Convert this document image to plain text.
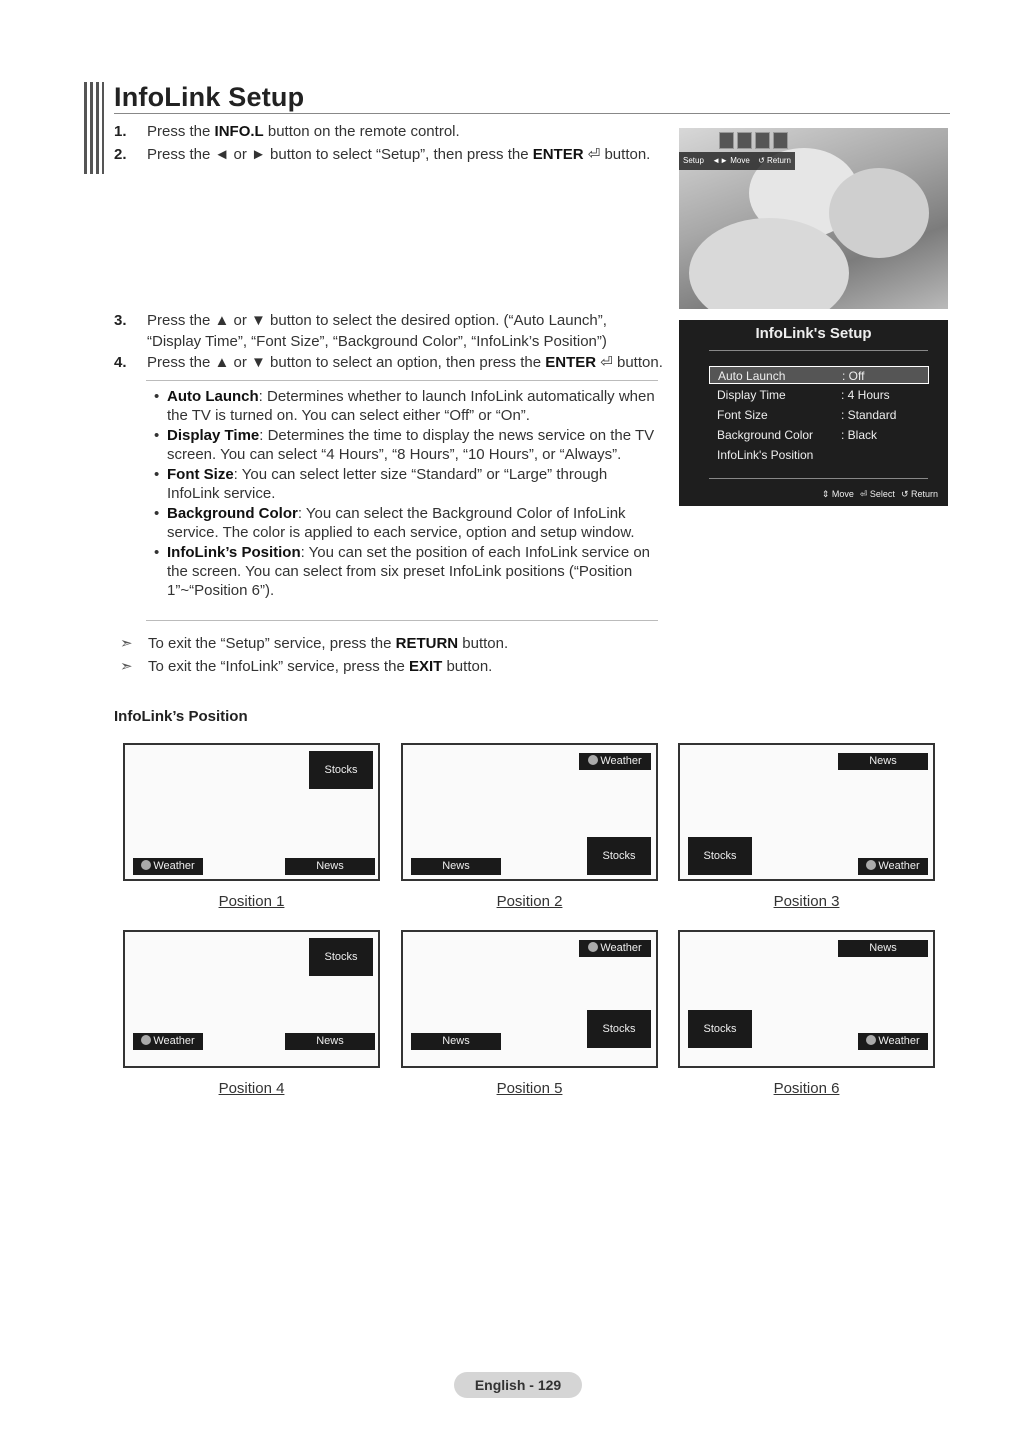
InfoLink Setup
1.	Press the INFO.L button on the remote control.
2.	Press the ◄ or ► button to select “Setup”, then press the ENTER ⏎ button.
3.	Press the ▲ or ▼ button to select the desired option. (“Auto Launch”,
“Display Time”, “Font Size”, “Background Color”, “InfoLink’s Position”)
4.	Press the ▲ or ▼ button to select an option, then press the ENTER ⏎ button.
• Auto Launch: Determines whether to launch InfoLink automatically when the TV is turned on. You can select either “Off” or “On”.
• Display Time: Determines the time to display the news service on the TV screen. You can select “4 Hours”, “8 Hours”, “10 Hours”, or “Always”.
• Font Size: You can select letter size “Standard” or “Large” through InfoLink service.
• Background Color: You can select the Background Color of InfoLink service. The color is applied to each service, option and setup window.
• InfoLink’s Position: You can set the position of each InfoLink service on the screen. You can select from six preset InfoLink positions (“Position 1”~“Position 6”).
➣ To exit the “Setup” service, press the RETURN button.
➣ To exit the “InfoLink” service, press the EXIT button.
Setup ◄► Move ↺ Return
InfoLink's Setup
Auto Launch	: Off
Display Time	: 4 Hours
Font Size	: Standard
Background Color : Black
InfoLink's Position
⇕ Move ⏎ Select ↺ Return
InfoLink’s Position
Stocks
Weather	News
Position 1
Weather
Stocks
News
Position 2
News
Stocks
Weather
Position 3
Stocks
Weather	News
Position 4
Weather
Stocks
News
Position 5
News
Stocks
Weather
Position 6
English - 129
